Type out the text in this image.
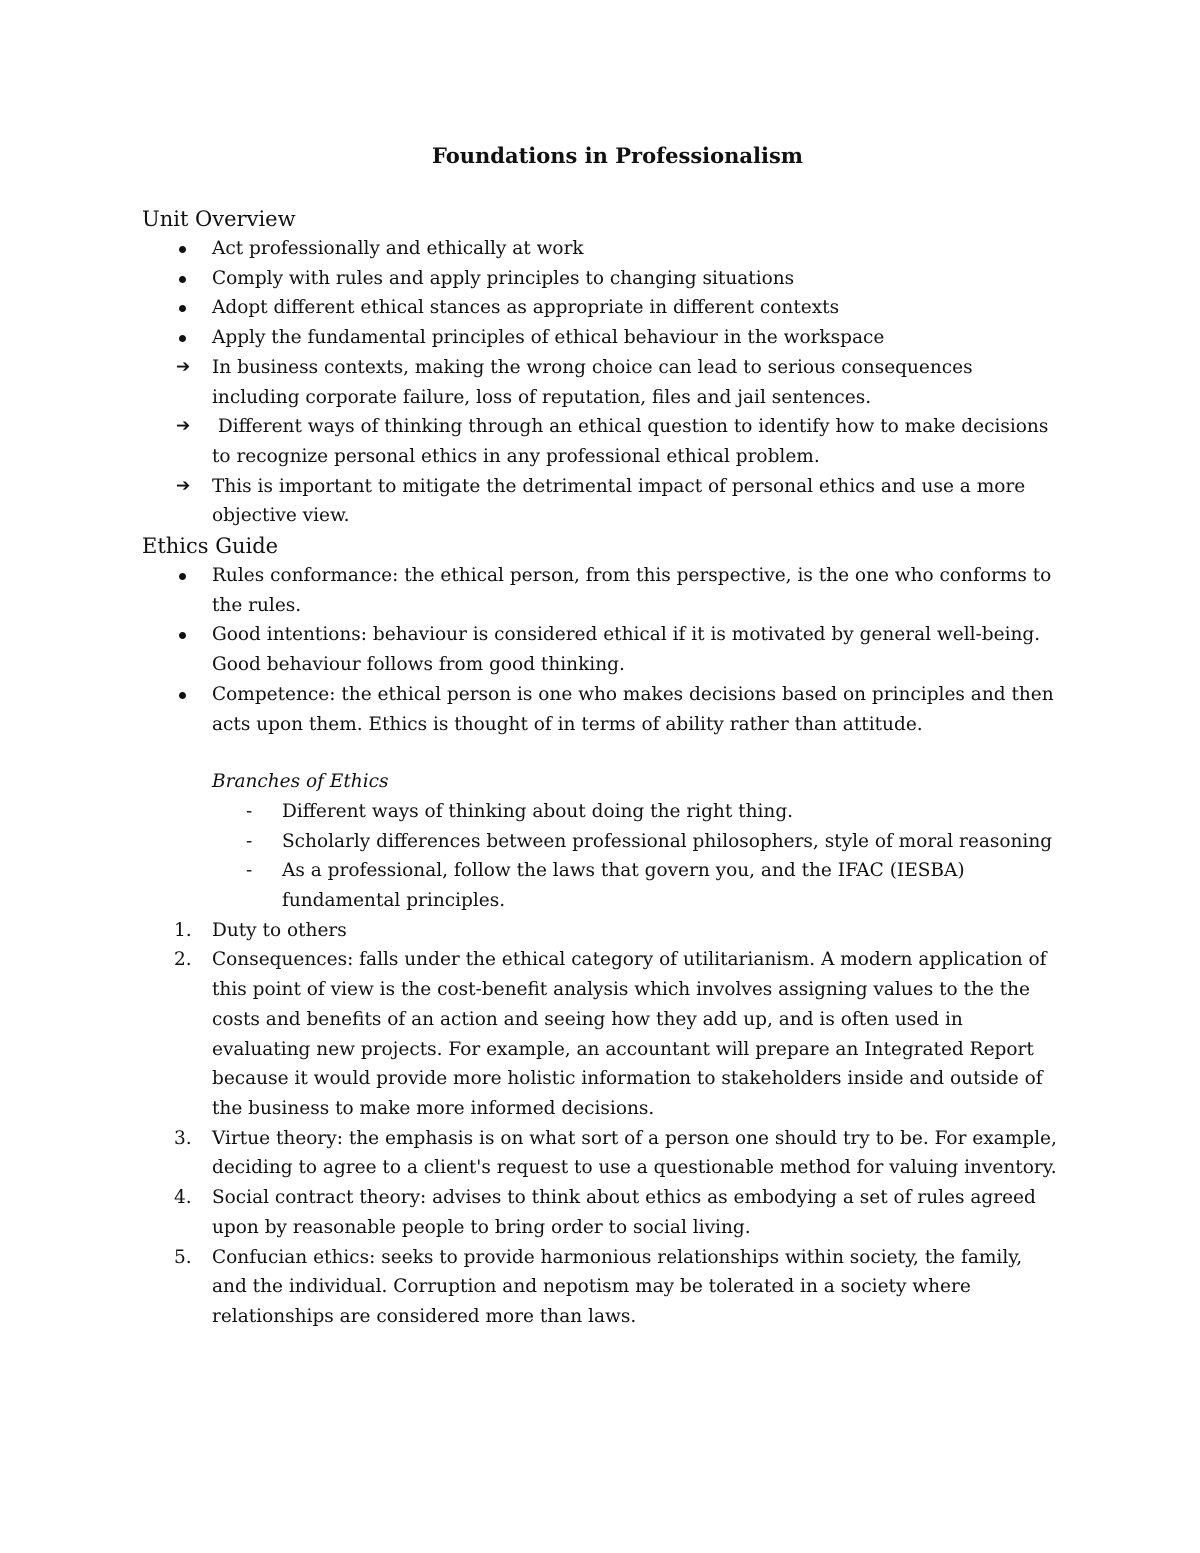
Foundations in Professionalism
Unit Overview
Act professionally and ethically at work
Comply with rules and apply principles to changing situations
Adopt different ethical stances as appropriate in different contexts
Apply the fundamental principles of ethical behaviour in the workspace
➔ In business contexts, making the wrong choice can lead to serious consequences including corporate failure, loss of reputation, files and jail sentences.
➔ Different ways of thinking through an ethical question to identify how to make decisions to recognize personal ethics in any professional ethical problem.
➔ This is important to mitigate the detrimental impact of personal ethics and use a more objective view.
Ethics Guide
Rules conformance: the ethical person, from this perspective, is the one who conforms to the rules.
Good intentions: behaviour is considered ethical if it is motivated by general well-being. Good behaviour follows from good thinking.
Competence: the ethical person is one who makes decisions based on principles and then acts upon them. Ethics is thought of in terms of ability rather than attitude.
Branches of Ethics
- Different ways of thinking about doing the right thing.
- Scholarly differences between professional philosophers, style of moral reasoning
- As a professional, follow the laws that govern you, and the IFAC (IESBA) fundamental principles.
1. Duty to others
2. Consequences: falls under the ethical category of utilitarianism. A modern application of this point of view is the cost-benefit analysis which involves assigning values to the the costs and benefits of an action and seeing how they add up, and is often used in evaluating new projects. For example, an accountant will prepare an Integrated Report because it would provide more holistic information to stakeholders inside and outside of the business to make more informed decisions.
3. Virtue theory: the emphasis is on what sort of a person one should try to be. For example, deciding to agree to a client's request to use a questionable method for valuing inventory.
4. Social contract theory: advises to think about ethics as embodying a set of rules agreed upon by reasonable people to bring order to social living.
5. Confucian ethics: seeks to provide harmonious relationships within society, the family, and the individual. Corruption and nepotism may be tolerated in a society where relationships are considered more than laws.
